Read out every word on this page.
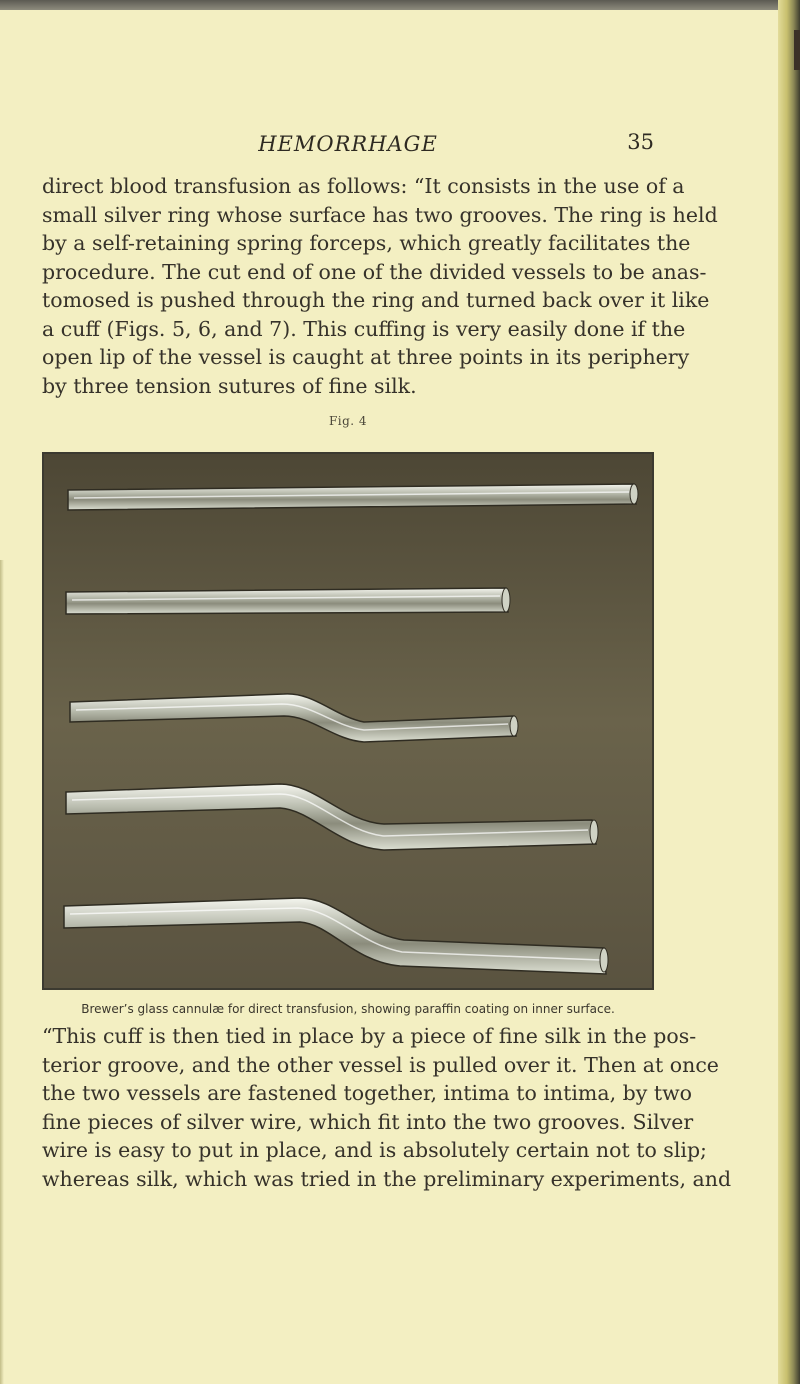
HEMORRHAGE	35
direct blood transfusion as follows: “It consists in the use of a
small silver ring whose surface has two grooves. The ring is held
by a self-retaining spring forceps, which greatly facilitates the
procedure. The cut end of one of the divided vessels to be anas-
tomosed is pushed through the ring and turned back over it like
a cuff (Figs. 5, 6, and 7). This cuffing is very easily done if the
open lip of the vessel is caught at three points in its periphery
by three tension sutures of fine silk.
Fig. 4
Brewer’s glass cannulæ for direct transfusion, showing paraffin coating on inner surface.
“This cuff is then tied in place by a piece of fine silk in the pos-
terior groove, and the other vessel is pulled over it. Then at once
the two vessels are fastened together, intima to intima, by two
fine pieces of silver wire, which fit into the two grooves. Silver
wire is easy to put in place, and is absolutely certain not to slip;
whereas silk, which was tried in the preliminary experiments, and
